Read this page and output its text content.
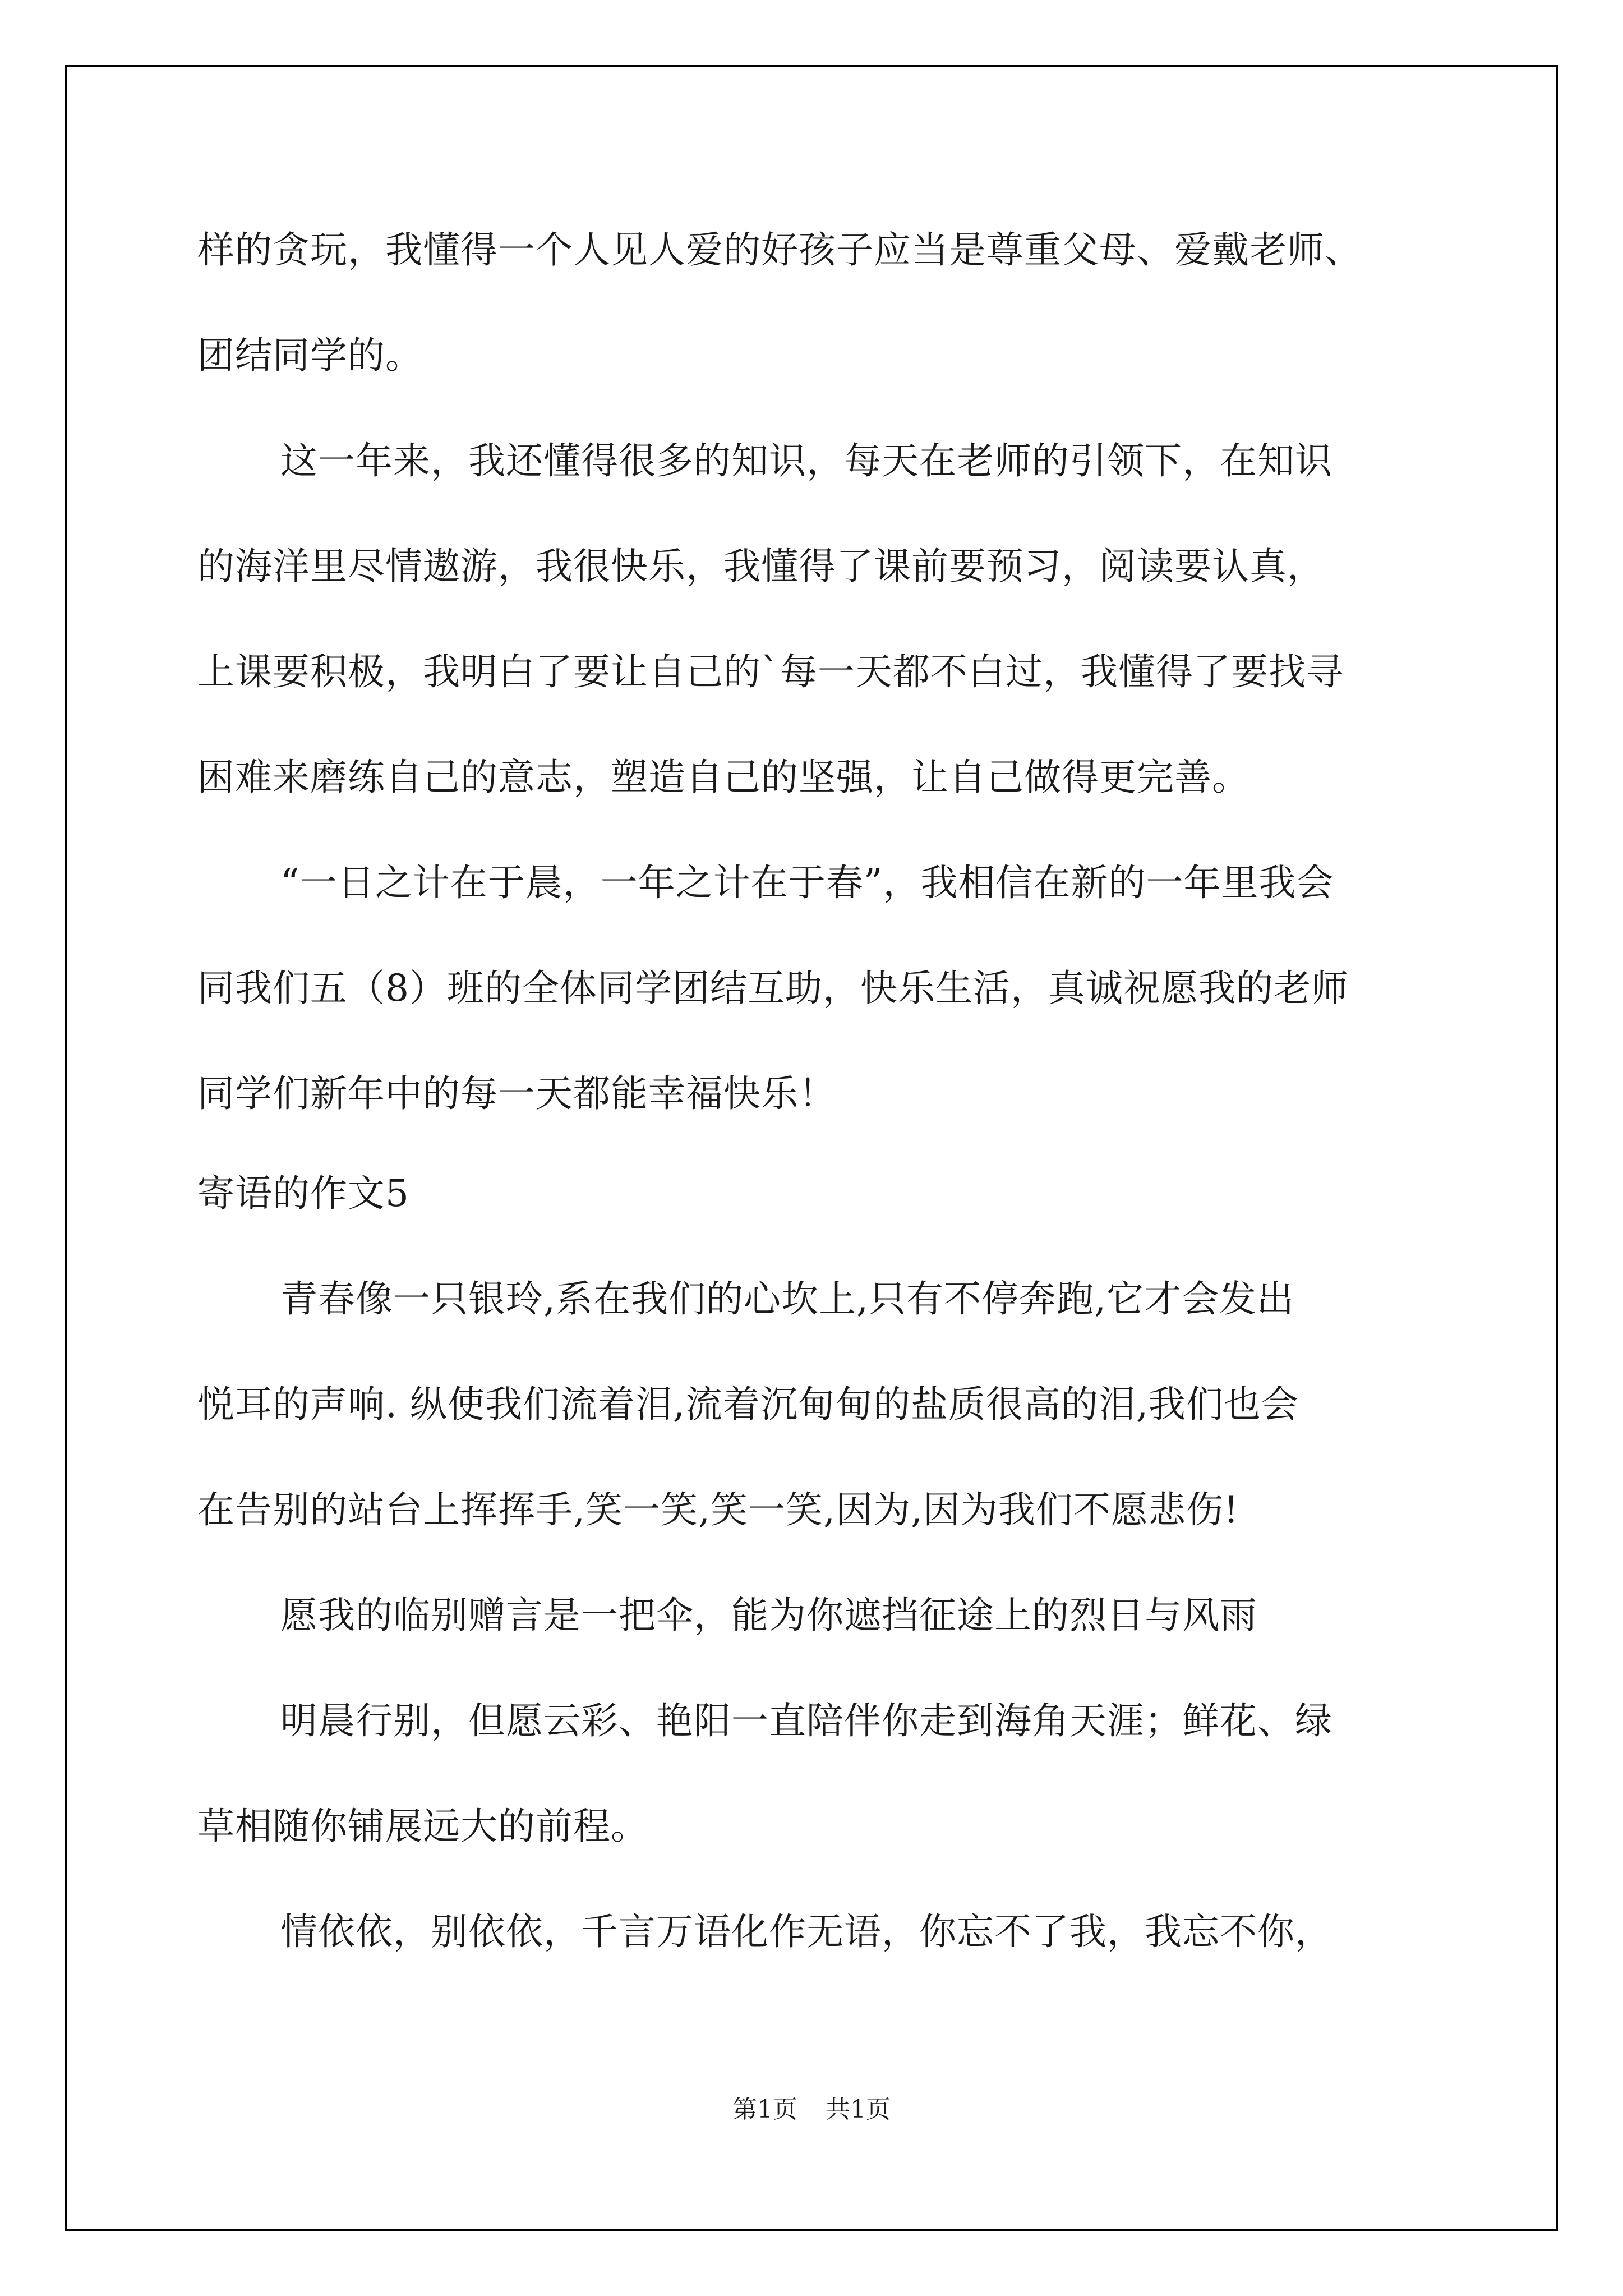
样的贪玩，我懂得一个人见人爱的好孩子应当是尊重父母、爱戴老师、
团结同学的。
这一年来，我还懂得很多的知识，每天在老师的引领下，在知识
的海洋里尽情遨游，我很快乐，我懂得了课前要预习，阅读要认真，
上课要积极，我明白了要让自己的`每一天都不白过，我懂得了要找寻
困难来磨练自己的意志，塑造自己的坚强，让自己做得更完善。
“一日之计在于晨，一年之计在于春”，我相信在新的一年里我会
同我们五（8）班的全体同学团结互助，快乐生活，真诚祝愿我的老师
同学们新年中的每一天都能幸福快乐！
寄语的作文5
青春像一只银玲,系在我们的心坎上,只有不停奔跑,它才会发出
悦耳的声响. 纵使我们流着泪,流着沉甸甸的盐质很高的泪,我们也会
在告别的站台上挥挥手,笑一笑,笑一笑,因为,因为我们不愿悲伤!
愿我的临别赠言是一把伞，能为你遮挡征途上的烈日与风雨
明晨行别，但愿云彩、艳阳一直陪伴你走到海角天涯；鲜花、绿
草相随你铺展远大的前程。
情依依，别依依，千言万语化作无语，你忘不了我，我忘不你，
第1页 共1页
